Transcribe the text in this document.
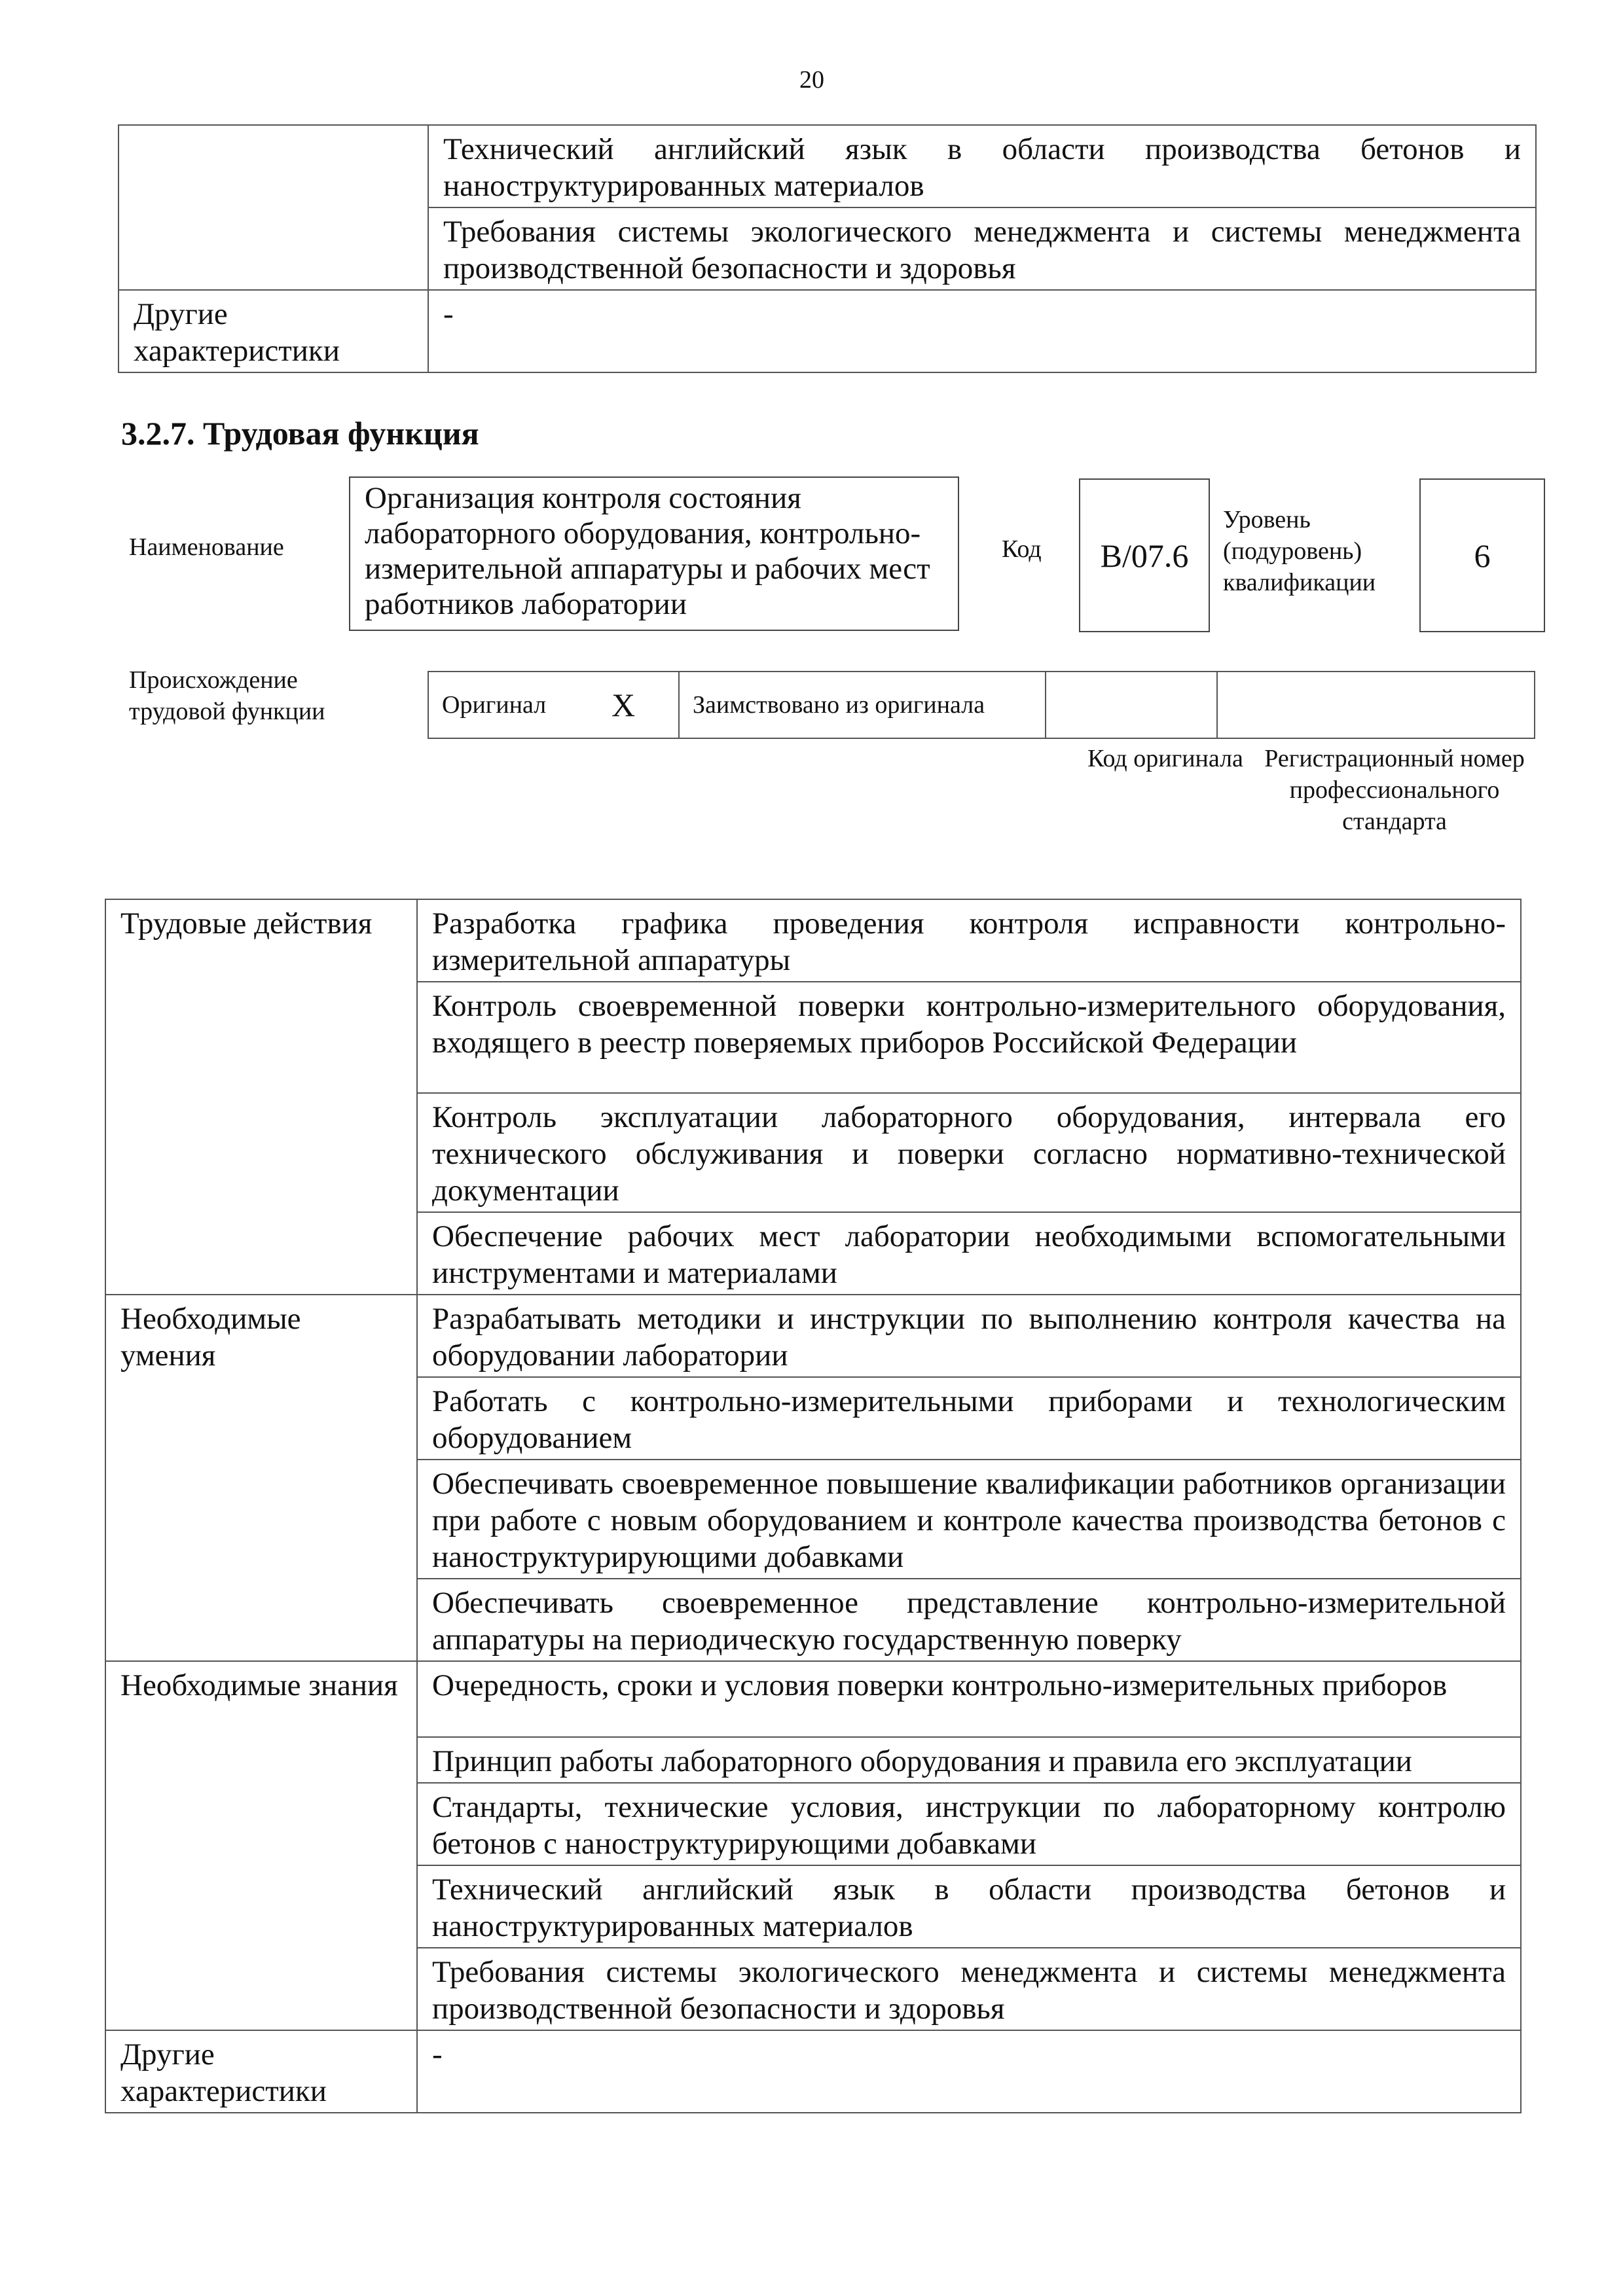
20
	Технический английский язык в области производства бетонов и наноструктурированных материалов
	Требования системы экологического менеджмента и системы менеджмента производственной безопасности и здоровья
Другие характеристики	-
3.2.7. Трудовая функция
Наименование
Организация контроля состояния лабораторного оборудования, контрольно-измерительной аппаратуры и рабочих мест работников лаборатории
Код	B/07.6
Уровень (подуровень) квалификации
6
Происхождение трудовой функции	Оригинал	X	Заимствовано из оригинала		
Код оригинала Регистрационный номер профессионального стандарта
Трудовые действия	Разработка графика проведения контроля исправности контрольно-измерительной аппаратуры
	Контроль своевременной поверки контрольно-измерительного оборудования, входящего в реестр поверяемых приборов Российской Федерации
	Контроль эксплуатации лабораторного оборудования, интервала его технического обслуживания и поверки согласно нормативно-технической документации
	Обеспечение рабочих мест лаборатории необходимыми вспомогательными инструментами и материалами
Необходимые умения	Разрабатывать методики и инструкции по выполнению контроля качества на оборудовании лаборатории
	Работать с контрольно-измерительными приборами и технологическим оборудованием
	Обеспечивать своевременное повышение квалификации работников организации при работе с новым оборудованием и контроле качества производства бетонов с наноструктурирующими добавками
	Обеспечивать своевременное представление контрольно-измерительной аппаратуры на периодическую государственную поверку
Необходимые знания	Очередность, сроки и условия поверки контрольно-измерительных приборов
	Принцип работы лабораторного оборудования и правила его эксплуатации
	Стандарты, технические условия, инструкции по лабораторному контролю бетонов с наноструктурирующими добавками
	Технический английский язык в области производства бетонов и наноструктурированных материалов
	Требования системы экологического менеджмента и системы менеджмента производственной безопасности и здоровья
Другие характеристики	-
